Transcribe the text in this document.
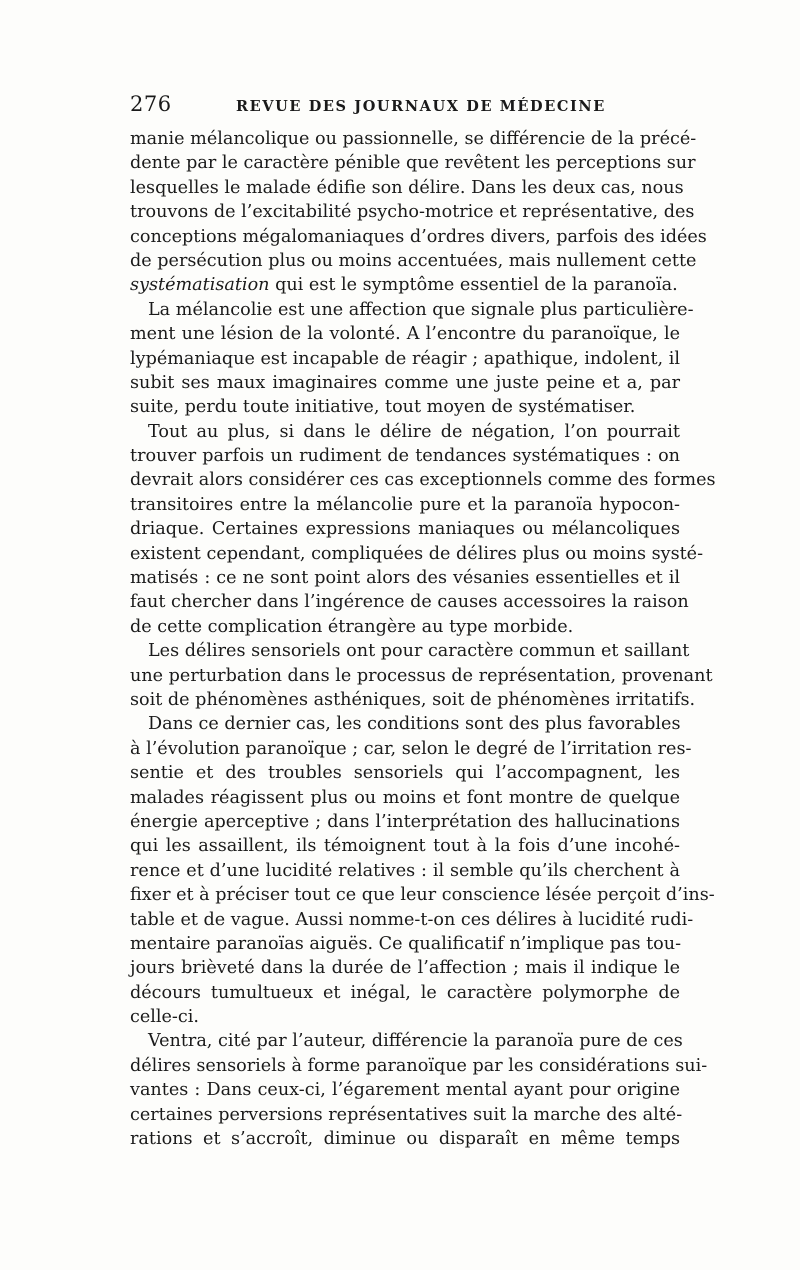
276	REVUE DES JOURNAUX DE MÉDECINE
manie mélancolique ou passionnelle, se différencie de la précé-
dente par le caractère pénible que revêtent les perceptions sur
lesquelles le malade édifie son délire. Dans les deux cas, nous
trouvons de l’excitabilité psycho-motrice et représentative, des
conceptions mégalomaniaques d’ordres divers, parfois des idées
de persécution plus ou moins accentuées, mais nullement cette
systématisation qui est le symptôme essentiel de la paranoïa.
La mélancolie est une affection que signale plus particulière-
ment une lésion de la volonté. A l’encontre du paranoïque, le
lypémaniaque est incapable de réagir ; apathique, indolent, il
subit ses maux imaginaires comme une juste peine et a, par
suite, perdu toute initiative, tout moyen de systématiser.
Tout au plus, si dans le délire de négation, l’on pourrait
trouver parfois un rudiment de tendances systématiques : on
devrait alors considérer ces cas exceptionnels comme des formes
transitoires entre la mélancolie pure et la paranoïa hypocon-
driaque. Certaines expressions maniaques ou mélancoliques
existent cependant, compliquées de délires plus ou moins systé-
matisés : ce ne sont point alors des vésanies essentielles et il
faut chercher dans l’ingérence de causes accessoires la raison
de cette complication étrangère au type morbide.
Les délires sensoriels ont pour caractère commun et saillant
une perturbation dans le processus de représentation, provenant
soit de phénomènes asthéniques, soit de phénomènes irritatifs.
Dans ce dernier cas, les conditions sont des plus favorables
à l’évolution paranoïque ; car, selon le degré de l’irritation res-
sentie et des troubles sensoriels qui l’accompagnent, les
malades réagissent plus ou moins et font montre de quelque
énergie aperceptive ; dans l’interprétation des hallucinations
qui les assaillent, ils témoignent tout à la fois d’une incohé-
rence et d’une lucidité relatives : il semble qu’ils cherchent à
fixer et à préciser tout ce que leur conscience lésée perçoit d’ins-
table et de vague. Aussi nomme-t-on ces délires à lucidité rudi-
mentaire paranoïas aiguës. Ce qualificatif n’implique pas tou-
jours brièveté dans la durée de l’affection ; mais il indique le
décours tumultueux et inégal, le caractère polymorphe de
celle-ci.
Ventra, cité par l’auteur, différencie la paranoïa pure de ces
délires sensoriels à forme paranoïque par les considérations sui-
vantes : Dans ceux-ci, l’égarement mental ayant pour origine
certaines perversions représentatives suit la marche des alté-
rations et s’accroît, diminue ou disparaît en même temps
